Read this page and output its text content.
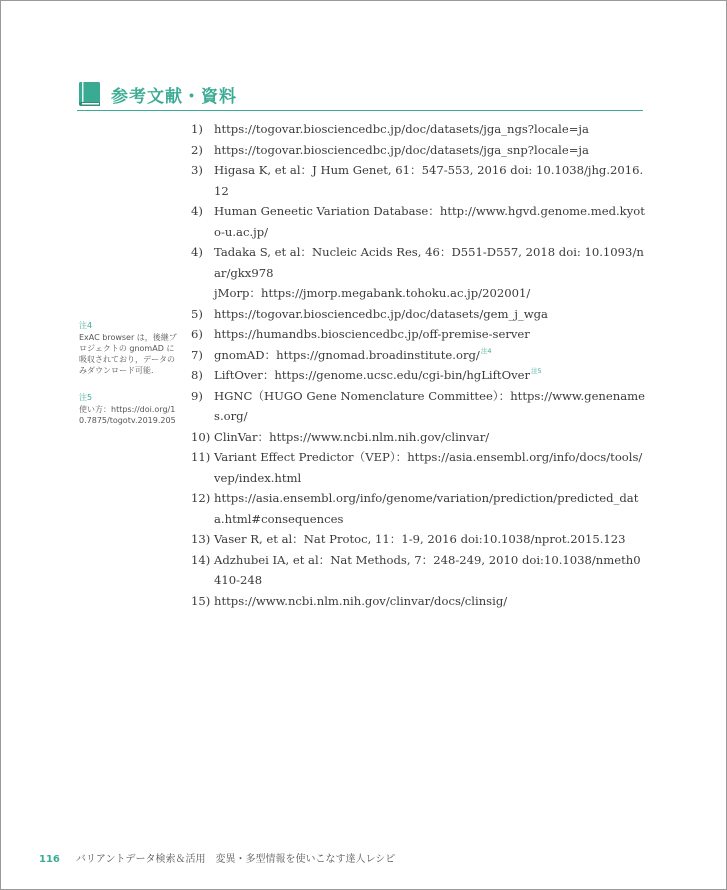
参考文献・資料
1) https://togovar.biosciencedbc.jp/doc/datasets/jga_ngs?locale=ja
2) https://togovar.biosciencedbc.jp/doc/datasets/jga_snp?locale=ja
3) Higasa K, et al：J Hum Genet, 61：547-553, 2016 doi: 10.1038/jhg.2016.12
4) Human Geneetic Variation Database：http://www.hgvd.genome.med.kyoto-u.ac.jp/
4) Tadaka S, et al：Nucleic Acids Res, 46：D551-D557, 2018 doi: 10.1093/nar/gkx978
jMorp：https://jmorp.megabank.tohoku.ac.jp/202001/
5) https://togovar.biosciencedbc.jp/doc/datasets/gem_j_wga
6) https://humandbs.biosciencedbc.jp/off-premise-server
7) gnomAD：https://gnomad.broadinstitute.org/$^{注4}$
8) LiftOver：https://genome.ucsc.edu/cgi-bin/hgLiftOver$^{注5}$
9) HGNC（HUGO Gene Nomenclature Committee）：https://www.genenames.org/
10) ClinVar：https://www.ncbi.nlm.nih.gov/clinvar/
11) Variant Effect Predictor（VEP）：https://asia.ensembl.org/info/docs/tools/vep/index.html
12) https://asia.ensembl.org/info/genome/variation/prediction/predicted_data.html#consequences
13) Vaser R, et al：Nat Protoc, 11：1-9, 2016 doi:10.1038/nprot.2015.123
14) Adzhubei IA, et al：Nat Methods, 7：248-249, 2010 doi:10.1038/nmeth0410-248
15) https://www.ncbi.nlm.nih.gov/clinvar/docs/clinsig/
注4
ExAC browser は，後継プロジェクトの gnomAD に吸収されており，データのみダウンロード可能.
注5
使い方：https://doi.org/10.7875/togotv.2019.205
116 バリアントデータ検索＆活用 変異・多型情報を使いこなす達人レシピ
